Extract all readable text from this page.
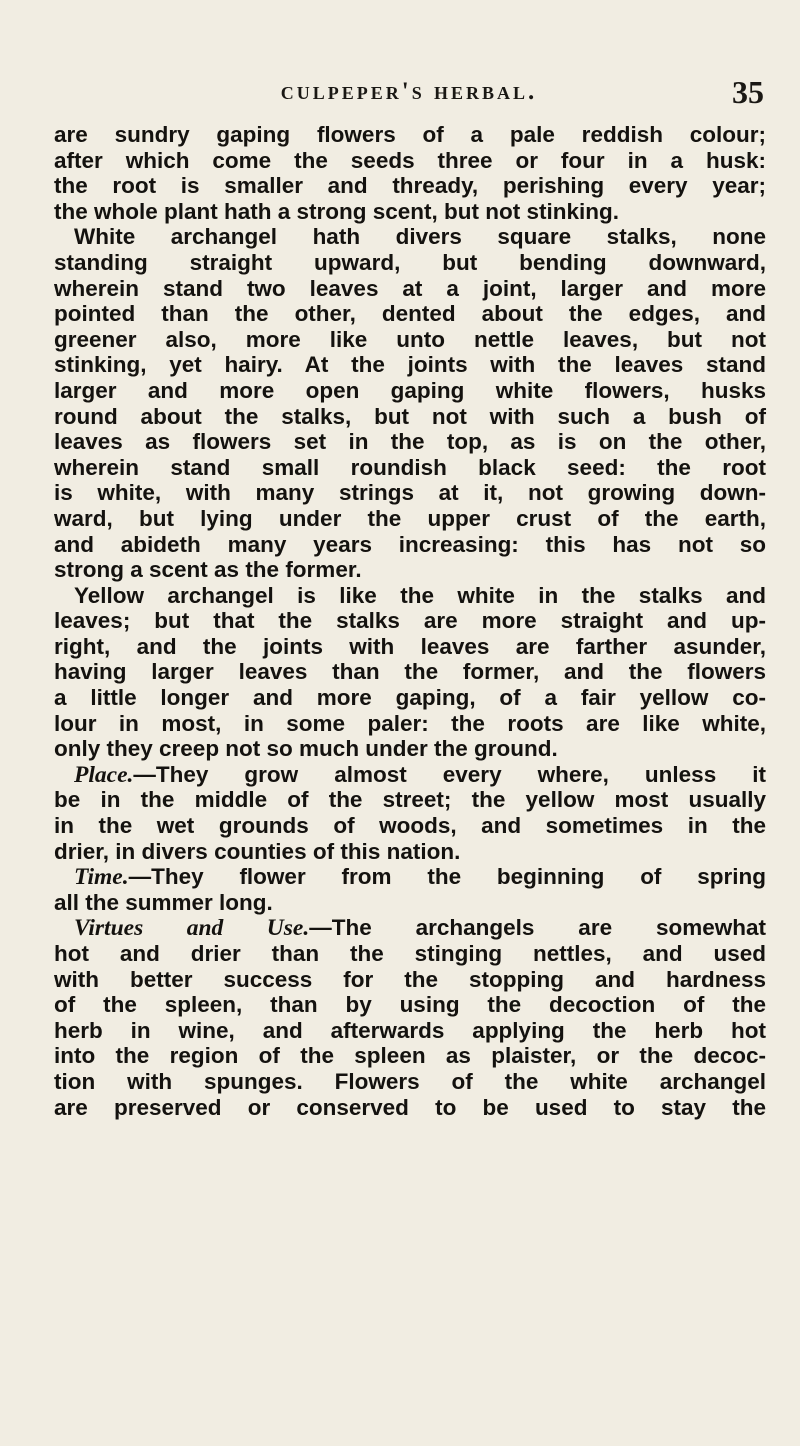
culpeper's herbal.	35
are sundry gaping flowers of a pale reddish colour;
after which come the seeds three or four in a husk:
the root is smaller and thready, perishing every year;
the whole plant hath a strong scent, but not stinking.
White archangel hath divers square stalks, none
standing straight upward, but bending downward,
wherein stand two leaves at a joint, larger and more
pointed than the other, dented about the edges, and
greener also, more like unto nettle leaves, but not
stinking, yet hairy. At the joints with the leaves stand
larger and more open gaping white flowers, husks
round about the stalks, but not with such a bush of
leaves as flowers set in the top, as is on the other,
wherein stand small roundish black seed: the root
is white, with many strings at it, not growing down-
ward, but lying under the upper crust of the earth,
and abideth many years increasing: this has not so
strong a scent as the former.
Yellow archangel is like the white in the stalks and
leaves; but that the stalks are more straight and up-
right, and the joints with leaves are farther asunder,
having larger leaves than the former, and the flowers
a little longer and more gaping, of a fair yellow co-
lour in most, in some paler: the roots are like white,
only they creep not so much under the ground.
Place.—They grow almost every where, unless it
be in the middle of the street; the yellow most usually
in the wet grounds of woods, and sometimes in the
drier, in divers counties of this nation.
Time.—They flower from the beginning of spring
all the summer long.
Virtues and Use.—The archangels are somewhat
hot and drier than the stinging nettles, and used
with better success for the stopping and hardness
of the spleen, than by using the decoction of the
herb in wine, and afterwards applying the herb hot
into the region of the spleen as plaister, or the decoc-
tion with spunges. Flowers of the white archangel
are preserved or conserved to be used to stay the
